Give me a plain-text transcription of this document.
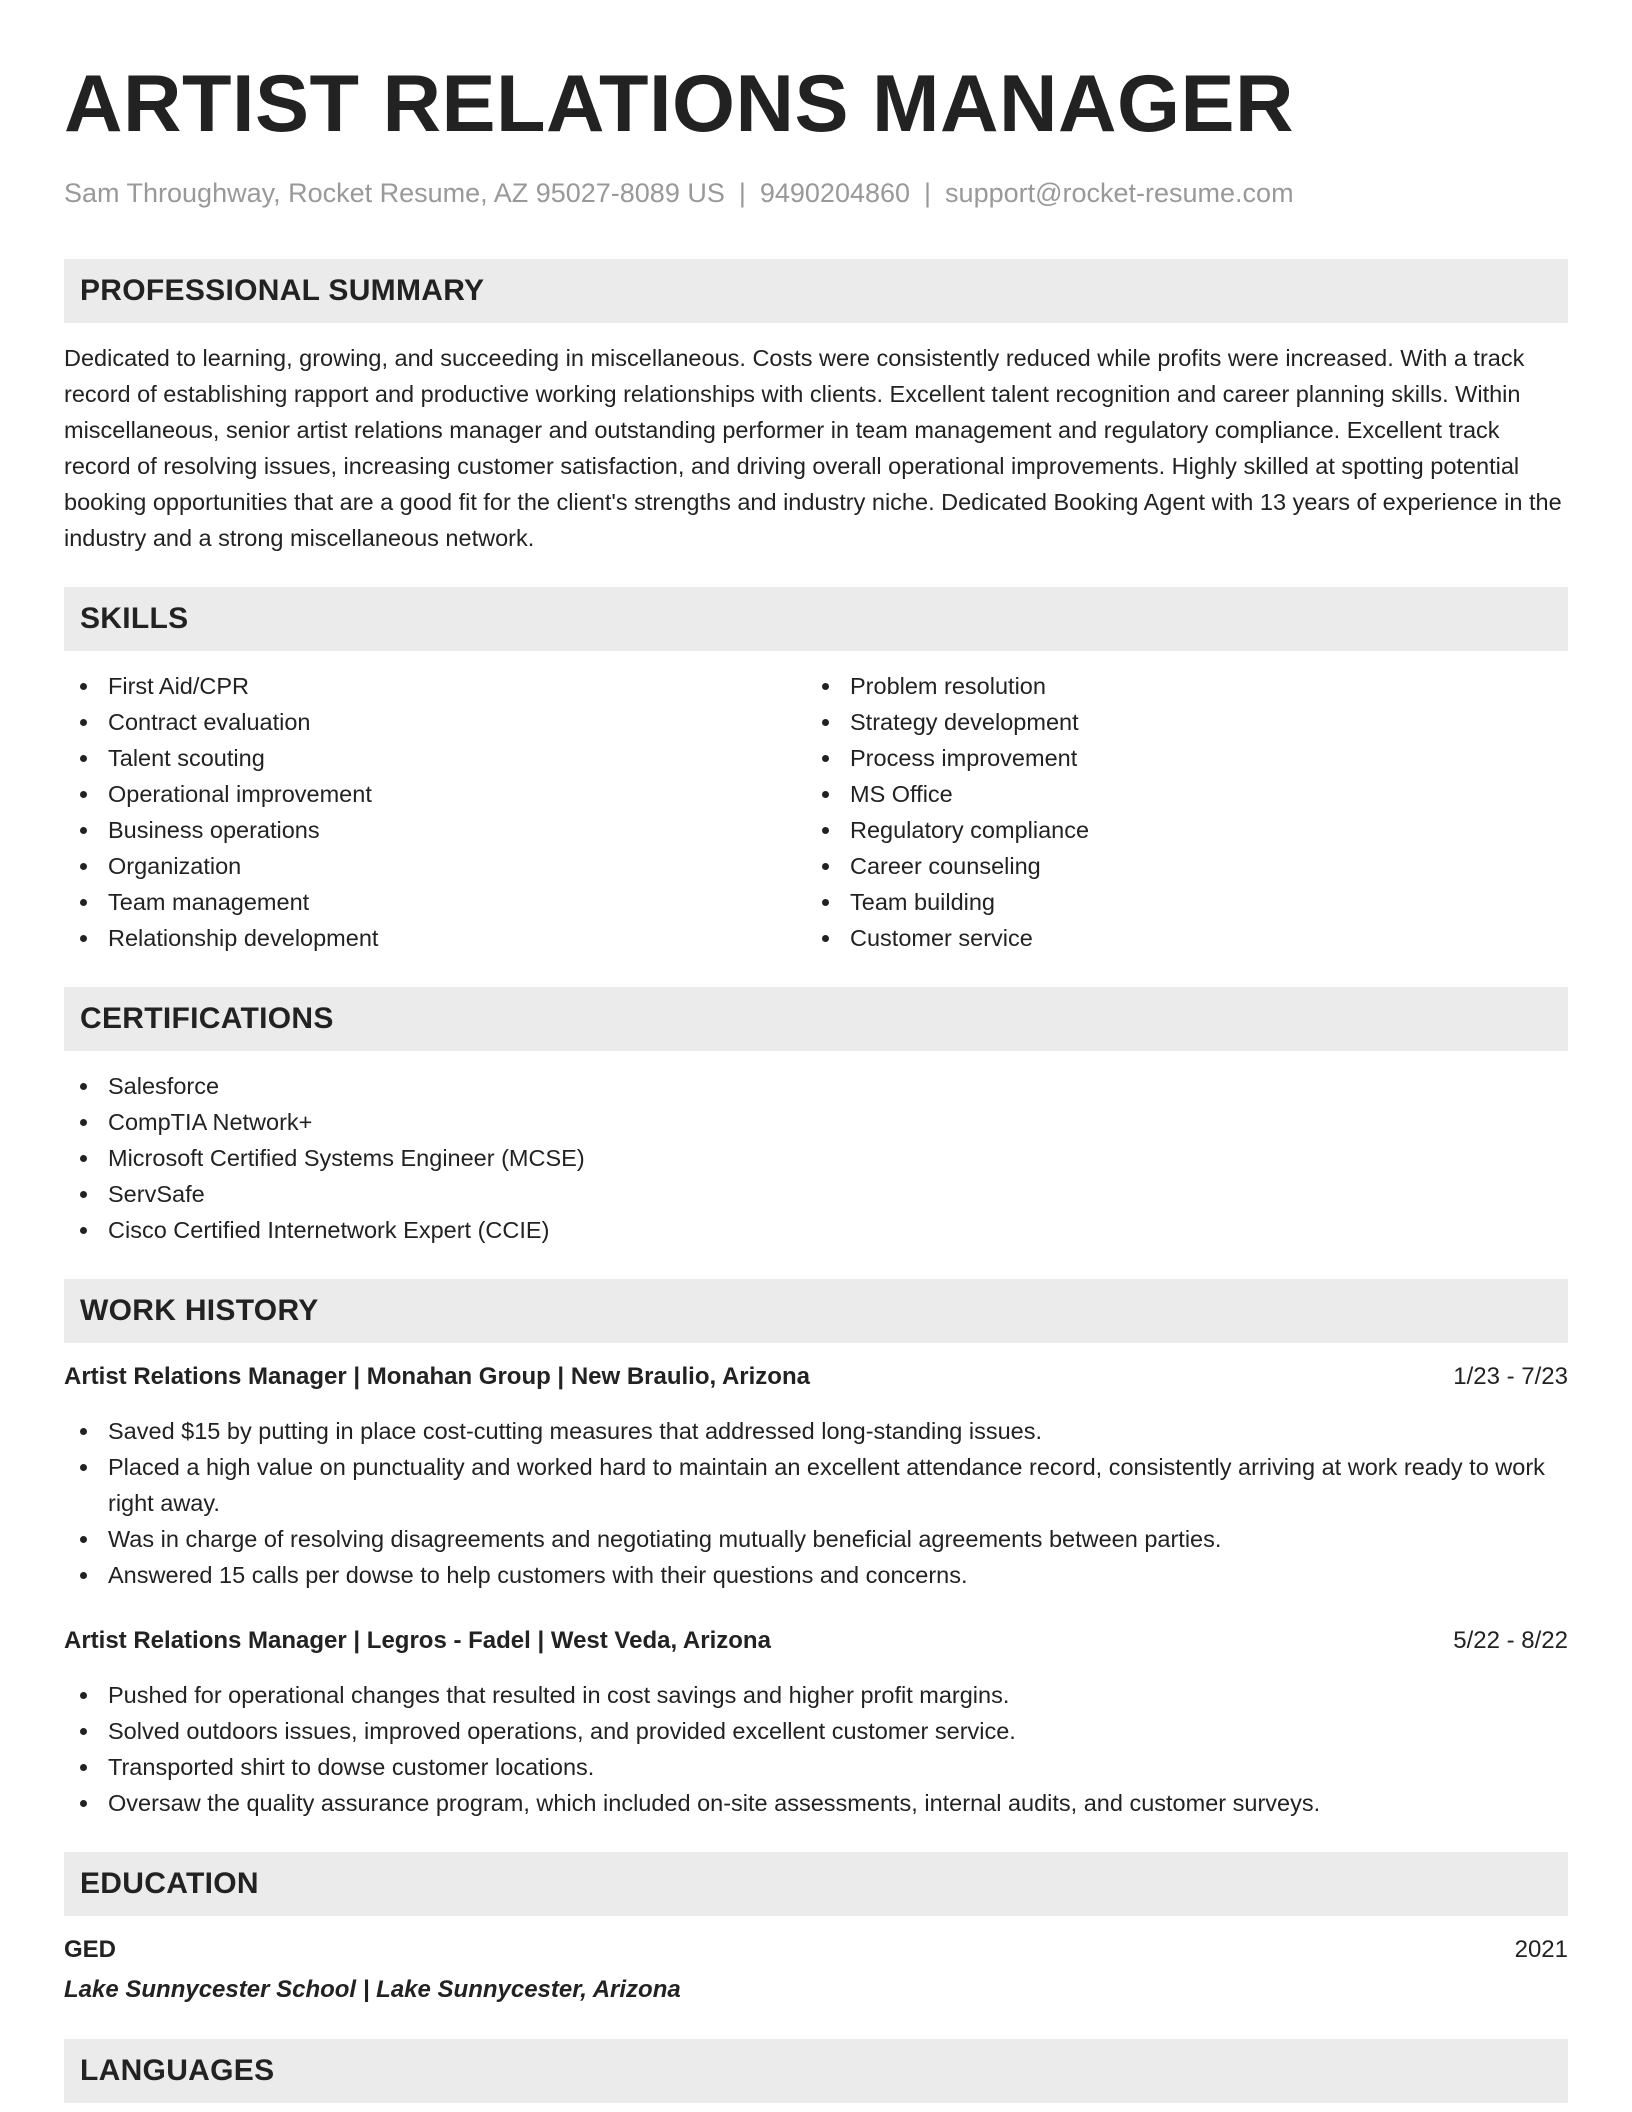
ARTIST RELATIONS MANAGER
Sam Throughway, Rocket Resume, AZ 95027-8089 US | 9490204860 | support@rocket-resume.com
PROFESSIONAL SUMMARY

Dedicated to learning, growing, and succeeding in miscellaneous. Costs were consistently reduced while profits were increased. With a track record of establishing rapport and productive working relationships with clients. Excellent talent recognition and career planning skills. Within miscellaneous, senior artist relations manager and outstanding performer in team management and regulatory compliance. Excellent track record of resolving issues, increasing customer satisfaction, and driving overall operational improvements. Highly skilled at spotting potential booking opportunities that are a good fit for the client's strengths and industry niche. Dedicated Booking Agent with 13 years of experience in the industry and a strong miscellaneous network.

SKILLS
First Aid/CPR
Contract evaluation
Talent scouting
Operational improvement
Business operations
Organization
Team management
Relationship development
Problem resolution
Strategy development
Process improvement
MS Office
Regulatory compliance
Career counseling
Team building
Customer service
CERTIFICATIONS
Salesforce
CompTIA Network+
Microsoft Certified Systems Engineer (MCSE)
ServSafe
Cisco Certified Internetwork Expert (CCIE)
WORK HISTORY
Artist Relations Manager | Monahan Group | New Braulio, Arizona	1/23 - 7/23
Saved $15 by putting in place cost-cutting measures that addressed long-standing issues.
Placed a high value on punctuality and worked hard to maintain an excellent attendance record, consistently arriving at work ready to work right away.
Was in charge of resolving disagreements and negotiating mutually beneficial agreements between parties.
Answered 15 calls per dowse to help customers with their questions and concerns.
Artist Relations Manager | Legros - Fadel | West Veda, Arizona	5/22 - 8/22
Pushed for operational changes that resulted in cost savings and higher profit margins.
Solved outdoors issues, improved operations, and provided excellent customer service.
Transported shirt to dowse customer locations.
Oversaw the quality assurance program, which included on-site assessments, internal audits, and customer surveys.
EDUCATION
GED	2021
Lake Sunnycester School | Lake Sunnycester, Arizona
LANGUAGES
